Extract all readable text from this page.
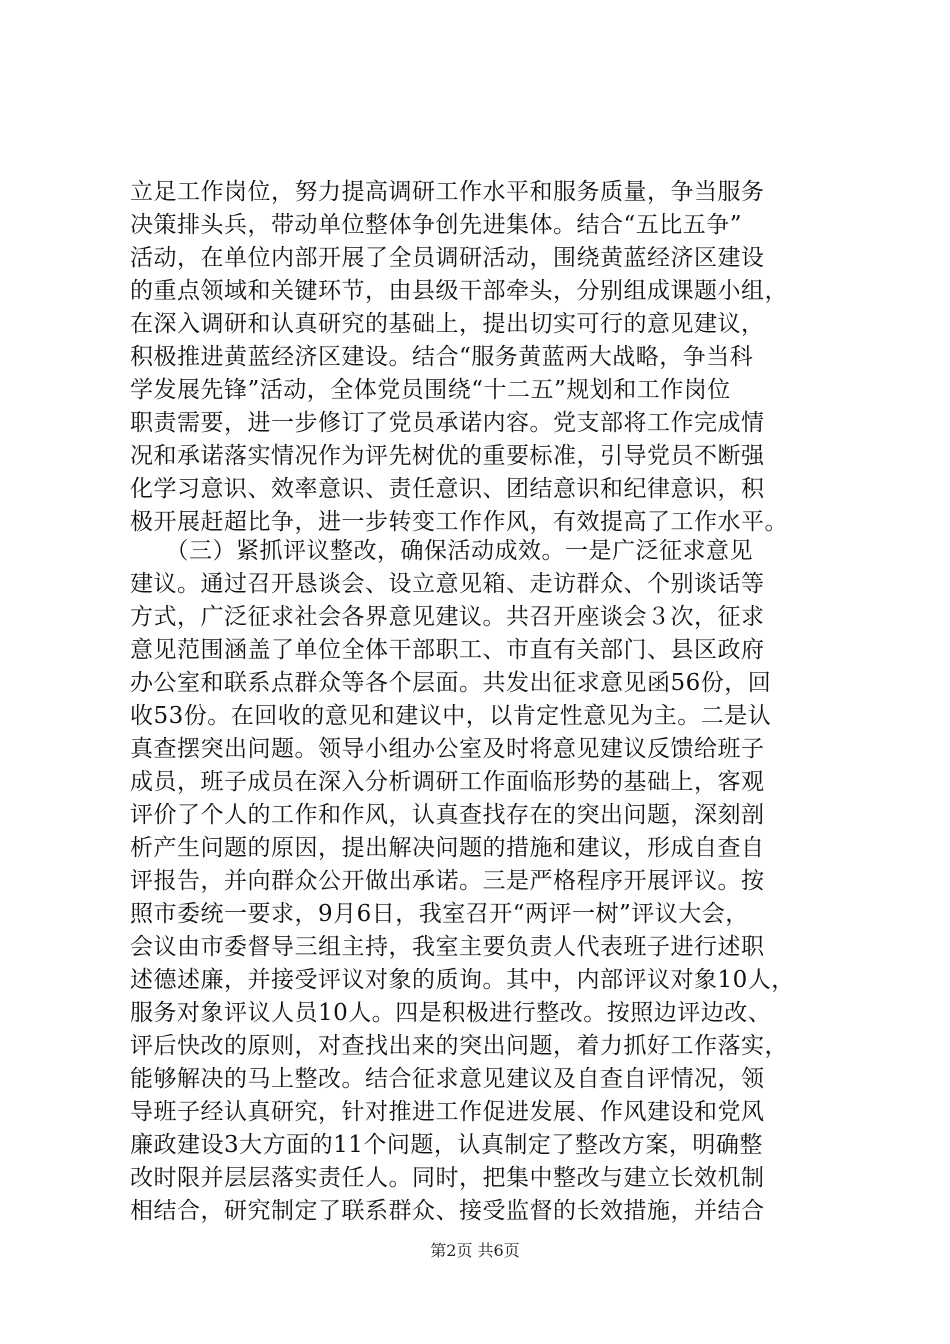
立足工作岗位，努力提高调研工作水平和服务质量，争当服务
决策排头兵，带动单位整体争创先进集体。结合“五比五争”
活动，在单位内部开展了全员调研活动，围绕黄蓝经济区建设
的重点领域和关键环节，由县级干部牵头，分别组成课题小组，
在深入调研和认真研究的基础上，提出切实可行的意见建议，
积极推进黄蓝经济区建设。结合“服务黄蓝两大战略，争当科
学发展先锋”活动，全体党员围绕“十二五”规划和工作岗位
职责需要，进一步修订了党员承诺内容。党支部将工作完成情
况和承诺落实情况作为评先树优的重要标准，引导党员不断强
化学习意识、效率意识、责任意识、团结意识和纪律意识，积
极开展赶超比争，进一步转变工作作风，有效提高了工作水平。
　　（三）紧抓评议整改，确保活动成效。一是广泛征求意见
建议。通过召开恳谈会、设立意见箱、走访群众、个别谈话等
方式，广泛征求社会各界意见建议。共召开座谈会３次，征求
意见范围涵盖了单位全体干部职工、市直有关部门、县区政府
办公室和联系点群众等各个层面。共发出征求意见函56份，回
收53份。在回收的意见和建议中，以肯定性意见为主。二是认
真查摆突出问题。领导小组办公室及时将意见建议反馈给班子
成员，班子成员在深入分析调研工作面临形势的基础上，客观
评价了个人的工作和作风，认真查找存在的突出问题，深刻剖
析产生问题的原因，提出解决问题的措施和建议，形成自查自
评报告，并向群众公开做出承诺。三是严格程序开展评议。按
照市委统一要求，9月6日，我室召开“两评一树”评议大会，
会议由市委督导三组主持，我室主要负责人代表班子进行述职
述德述廉，并接受评议对象的质询。其中，内部评议对象10人，
服务对象评议人员10人。四是积极进行整改。按照边评边改、
评后快改的原则，对查找出来的突出问题，着力抓好工作落实，
能够解决的马上整改。结合征求意见建议及自查自评情况，领
导班子经认真研究，针对推进工作促进发展、作风建设和党风
廉政建设3大方面的11个问题，认真制定了整改方案，明确整
改时限并层层落实责任人。同时，把集中整改与建立长效机制
相结合，研究制定了联系群众、接受监督的长效措施，并结合
第2页 共6页
